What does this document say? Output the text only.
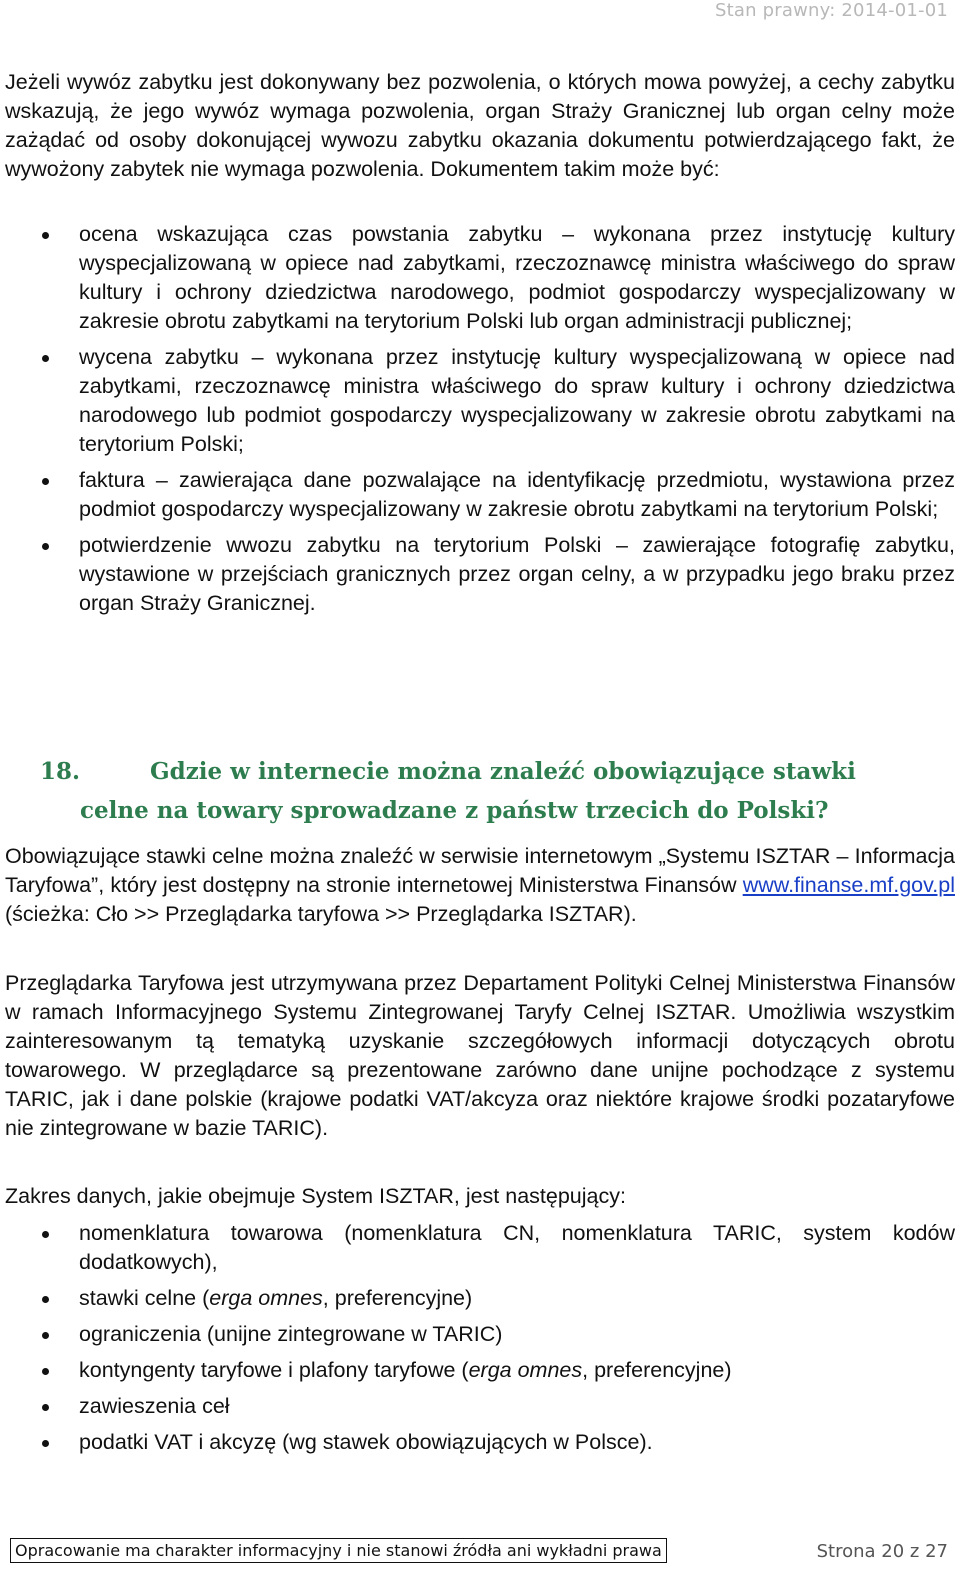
Stan prawny: 2014-01-01

Jeżeli wywóz zabytku jest dokonywany bez pozwolenia, o których mowa powyżej, a cechy zabytku wskazują, że jego wywóz wymaga pozwolenia, organ Straży Granicznej lub organ celny może zażądać od osoby dokonującej wywozu zabytku okazania dokumentu potwierdzającego fakt, że wywożony zabytek nie wymaga pozwolenia. Dokumentem takim może być:

ocena wskazująca czas powstania zabytku – wykonana przez instytucję kultury wyspecjalizowaną w opiece nad zabytkami, rzeczoznawcę ministra właściwego do spraw kultury i ochrony dziedzictwa narodowego, podmiot gospodarczy wyspecjalizowany w zakresie obrotu zabytkami na terytorium Polski lub organ administracji publicznej;
wycena zabytku – wykonana przez instytucję kultury wyspecjalizowaną w opiece nad zabytkami, rzeczoznawcę ministra właściwego do spraw kultury i ochrony dziedzictwa narodowego lub podmiot gospodarczy wyspecjalizowany w zakresie obrotu zabytkami na terytorium Polski;
faktura – zawierająca dane pozwalające na identyfikację przedmiotu, wystawiona przez podmiot gospodarczy wyspecjalizowany w zakresie obrotu zabytkami na terytorium Polski;
potwierdzenie wwozu zabytku na terytorium Polski – zawierające fotografię zabytku, wystawione w przejściach granicznych przez organ celny, a w przypadku jego braku przez organ Straży Granicznej.
18.	Gdzie w internecie można znaleźć obowiązujące stawki
celne na towary sprowadzane z państw trzecich do Polski?

Obowiązujące stawki celne można znaleźć w serwisie internetowym „Systemu ISZTAR – Informacja Taryfowa”, który jest dostępny na stronie internetowej Ministerstwa Finansów www.finanse.mf.gov.pl (ścieżka: Cło >> Przeglądarka taryfowa >> Przeglądarka ISZTAR).

Przeglądarka Taryfowa jest utrzymywana przez Departament Polityki Celnej Ministerstwa Finansów w ramach Informacyjnego Systemu Zintegrowanej Taryfy Celnej ISZTAR. Umożliwia wszystkim zainteresowanym tą tematyką uzyskanie szczegółowych informacji dotyczących obrotu towarowego. W przeglądarce są prezentowane zarówno dane unijne pochodzące z systemu TARIC, jak i dane polskie (krajowe podatki VAT/akcyza oraz niektóre krajowe środki pozataryfowe nie zintegrowane w bazie TARIC).

Zakres danych, jakie obejmuje System ISZTAR, jest następujący:

nomenklatura towarowa (nomenklatura CN, nomenklatura TARIC, system kodów dodatkowych),
stawki celne (erga omnes, preferencyjne)
ograniczenia (unijne zintegrowane w TARIC)
kontyngenty taryfowe i plafony taryfowe (erga omnes, preferencyjne)
zawieszenia ceł
podatki VAT i akcyzę (wg stawek obowiązujących w Polsce).
Opracowanie ma charakter informacyjny i nie stanowi źródła ani wykładni prawa	Strona 20 z 27
